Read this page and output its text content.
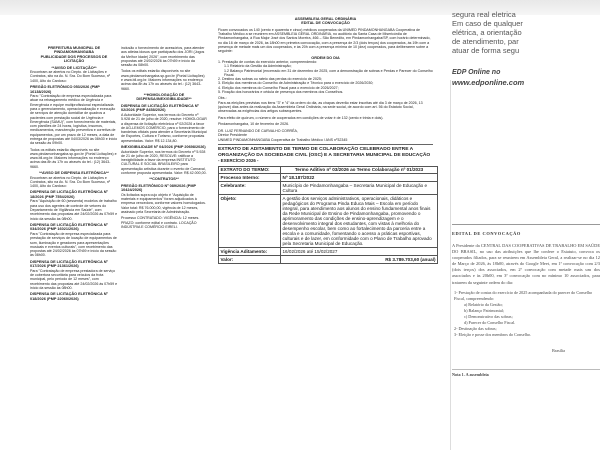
segura real eletrica
Em caso de qualquer
elétrica, a orientação
de atendimento, par
atuar de forma segu
EDP Online no
www.edponline.com
PREFEITURA MUNICIPAL DE
PINDAMONHANGABA
PUBLICIDADE DOS PROCESSOS DE
LICITAÇÃO
**AVISO DE LICITAÇÃO**
Encontram-se abertos no Depto. de Licitações e Contratos, sito na Av. N. Sra. Do Bom Sucesso, nº 1400, Alto do Cardoso:
PREGÃO ELETRÔNICO 053/2026 (PMP 16138/2026)
Para: "Contratação de empresa especializada para atuar na rebasgamento médico de Urgência e Emergência e equipe multiprofissional especializada para o gerenciamento, operacionalização e execução de serviços de atenção domiciliar de quadros a pacientes com prestação social de Urgência e Emergência (SAMU)", com fornecimento de materiais, com plantões de 24 horas, logística, insumos, medicamentos, manutenção preventiva e corretiva de equipamentos, por um prazo de 12 meses, a data de entrega de propostas até 04/03/2026 às 08h30 e início da sessão às 09h00.
Todos os editais estarão disponíveis no site www.pindamonhangaba.sp.gov.br (Portal Licitações) e www.bll.org.br. Maiores informações no endereço acima das 8h às 17h ou através do tel.: (12) 3643-9660.
**AVISO DE DISPENSA ELETRÔNICA**
Encontram-se abertos no Depto. de Licitações e Contratos, sito na Av. N. Sra. Do Bom Sucesso, nº 1400, Alto do Cardoso:
DISPENSA DE LICITAÇÃO ELETRÔNICA Nº 18/2026 (PMP 7554/2026)
Para "Aquisição de 60 (sessenta) modelos de trabalho para uso dos agentes de controle de vetores do Departamento de Vigilância em Saúde", com recebimento das propostas até 24/02/2026 às 07h59 e início da sessão às 08h00.
DISPENSA DE LICITAÇÃO ELETRÔNICA Nº 034/2026 (PMP 16021/2026)
Para "Contratação de empresa especializada para prestação de serviços de locação de equipamentos de som, iluminação e geradores para apresentações musicais e eventos culturais", com recebimento das propostas até 24/02/2026 às 07h59 e início da sessão às 08h00.
DISPENSA DE LICITAÇÃO ELETRÔNICA Nº 017/2026 (PMP 21361/2026)
Para "Contratação de empresa prestadora de serviço de cobertura securitária para veículos da frota municipal, pelo período de 12 meses", com recebimento das propostas até 24/02/2026 às 07h59 e início da sessão às 08h00.
DISPENSA DE LICITAÇÃO ELETRÔNICA Nº 018/2026 (PMP 22060/2026)
inclusão o fornecimento de acessórios, para atender aos atletas idosos que participarão dos JORI (Jogos da Melhor Idade) 2026", com recebimento das propostas até 24/02/2026 às 07h59 e início da sessão às 08h00.
Todos os editais estarão disponíveis no site www.pindamonhangaba.sp.gov.br (Portal Licitações) e www.bll.org.br. Maiores informações no endereço acima das 8h às 17h ou através do tel.: (12) 3643-9660.
**HOMOLOGAÇÃO DE DISPENSA/INEXIGIBILIDADE**
DISPENSA DE LICITAÇÃO ELETRÔNICA Nº 02/2026 (PMP 8458/2026)
A Autoridade Superior, nos termos do Decreto nº 5.928 de 21 de julho de 2020, resolve: HOMOLOGAR a dispensa de licitação eletrônica nº 02/2026 a favor de AG-LEMOS COMÉRCIO, para o fornecimento de bandeiras oficiais para atender a Secretaria Municipal de Esportes, Cultura e Turismo, conforme propostas apresentadas. Valor: R$ 12.134,80.
INEXIGIBILIDADE Nº 04/2026 (PMP 20698/2026)
Autoridade Superior, nos termos do Decreto nº 5.928 de 21 de julho de 2020, RESOLVE: ratificar a inexigibilidade a favor da empresa INSTITUTO CULTURAL E SOCIAL BRASILEIRO para apresentação artística durante o evento de Carnaval, conforme proposta apresentada. Valor: R$ 42.000,00.
**CONTRATOS**
PREGÃO ELETRÔNICO Nº 089/2026 (PMP 10424/2026)
Os licitados supra cujo objeto é "Aquisição de materiais e equipamentos" foram adjudicados à empresa vencedora, conforme valores homologados. Valor total: R$ 76.000,00, vigência de 12 meses, assinado pela Secretaria de Administração.
Processo CONTRATADO: VIGÊNCIA: 12 meses. PRAZO: conforme edital e contrato. LOCAÇÃO INDÚSTRIA E COMÉRCIO EIRELI.
ASSEMBLEIA GERAL ORDINÁRIA
EDITAL DE CONVOCAÇÃO
Ficam convocados os 140 (cento e quarenta e cinco) médicos cooperados da UNIMED PINDAMONHANGABA Cooperativa de Trabalho Médico a se reunirem em ASSEMBLEIA GERAL ORDINÁRIA, no auditório da Santa Casa de Misericórdia de Pindamonhangaba, à Rua Major José dos Santos Moreira, 466 – São Benedito, em Pindamonhangaba/SP, com horário determinado, no dia 16 de março de 2026, às 18h00 em primeira convocação, com a presença de 2/3 (dois terços) dos cooperados, às 19h com a presença de metade mais um dos cooperados, e às 20h com a presença mínima de 10 (dez) cooperados, para deliberarem sobre a seguinte:
ORDEM DO DIA
1. Prestação de contas do exercício anterior, compreendendo:
1.1 Relatório da Gestão da Administração;
1.2 Balanço Patrimonial (encerrado em 31 de dezembro de 2025, com a demonstração de sobras e Perdas e Parecer do Conselho Fiscal.
2. Destino das sobras ou rateio das perdas do exercício de 2025;
3. Eleição dos membros do Conselho de Administração e Técnico para o exercício de 2026/2030;
4. Eleição dos membros do Conselho Fiscal para o exercício de 2026/2027;
5. Fixação dos honorários e cédula de presença dos membros dos Conselhos.
Obs.:
Para as eleições previstas nos itens "3" e "4" da ordem do dia, as chapas deverão estar inscritas até dia 3 de março de 2026, 13 (quinze) dias antes da realização da Assembleia Geral Ordinária, na sede social, de acordo com art. 56 do Estatuto Social, observadas as exigências dos artigos subsequentes.
Para efeito de quórum, o número de cooperados em condições de votar é de 132 (cento e trinta e dois).
Pindamonhangaba, 10 de fevereiro de 2026.
DR. LUIZ FERNANDO DE CARVALHO CORRÊA,
Diretor Presidente
UNIMED PINDAMONHANGABA Cooperativa de Trabalho Médico / ANS nº32345
EXTRATO DE ADITAMENTO DE TERMO DE COLABORAÇÃO CELEBRADO ENTRE A ORGANIZAÇÃO DA SOCIEDADE CIVIL (OSC) E A SECRETARIA MUNICIPAL DE EDUCAÇÃO
- EXERCÍCIO 2026 -
EXTRATO DO TERMO:	Termo Aditivo nº 03/2026 ao Termo Colaboração nº 01/2023
Processo Interno:	Nº 18.187/2022
Celebrante:	Município de Pindamonhangaba – Secretaria Municipal de Educação e Cultura
Objeto:	A gestão dos serviços administrativos, operacionais, didáticos e pedagógicos do Programa Pinda Educa Mais – Escola em período integral, para atendimento aos alunos do ensino fundamental anos finais da Rede Municipal de Ensino de Pindamonhangaba, promovendo o aprimoramento das condições de ensino-aprendizagem e o desenvolvimento integral dos estudantes, com vistas à melhoria do desempenho escolar, bem como ao fortalecimento da parceria entre a escola e a comunidade, fomentando o acesso a práticas esportivas, culturais e de lazer, em conformidade com o Plano de Trabalho aprovado pela Secretaria Municipal de Educação.
Vigência Aditamento:	16/02/2026 até 15/02/2027
Valor:	R$ 3.789.703,60 (anual)
EDITAL DE CONVOCAÇÃO
A Presidente da CENTRAL DAS COOPERATIVAS DE TRABALHO EM SAÚDE DO BRASIL, no uso das atribuições que lhe confere o Estatuto, convoca os cooperados filiados, para se reunirem em Assembleia Geral, a realizar-se no dia 12 de Março de 2026, às 18h00, através do Google Meet, em 1ª convocação com 2/3 (dois terços) dos associados, em 2ª convocação com metade mais um dos associados e às 20h00, em 3ª convocação com no mínimo 10 associados, para tratarem da seguinte ordem do dia:
1- Prestação de contas do exercício de 2025 acompanhada do parecer do Conselho Fiscal, compreendendo:
a) Relatório da Gestão;
b) Balanço Patrimonial;
c) Demonstrativo das sobras;
d) Parecer do Conselho Fiscal.
2- Destinação das sobras;
3- Eleição e posse dos membros do Conselho.
Brasília
Nota 1. A assembleia
